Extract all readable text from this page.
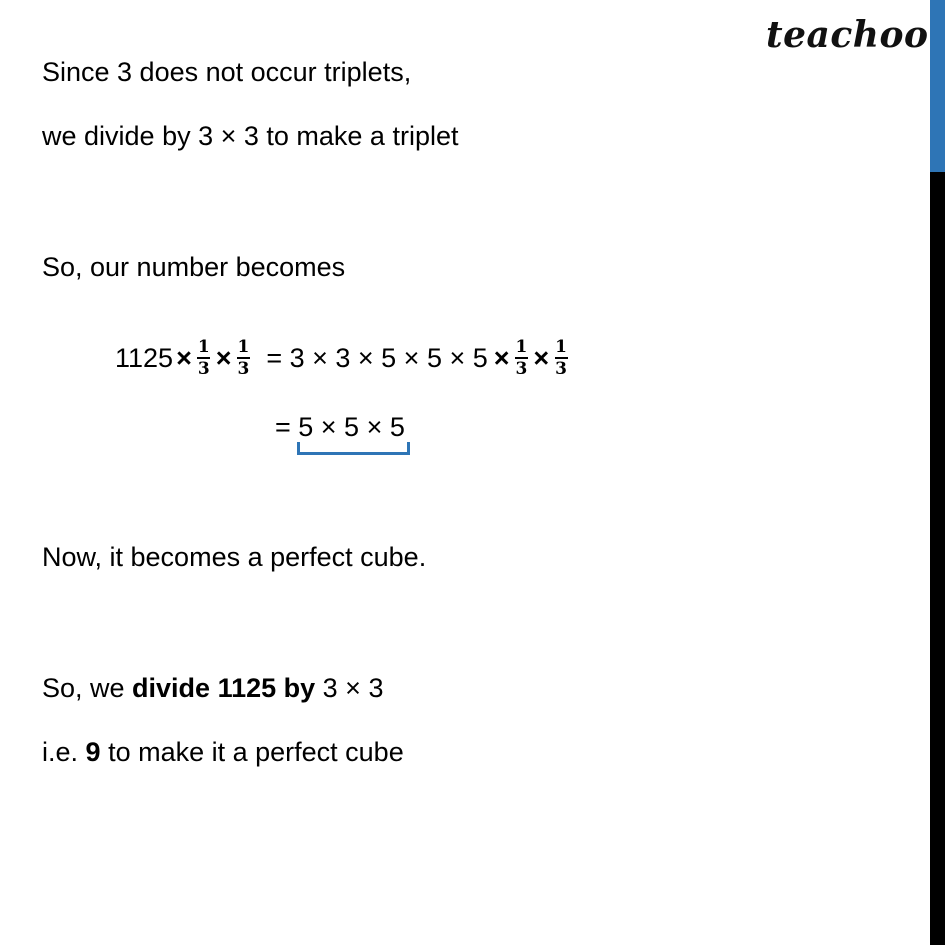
teachoo
Since 3 does not occur triplets,
we divide by 3 × 3 to make a triplet
So, our number becomes
$1125 \times \frac{1}{3} \times \frac{1}{3} = 3 \times 3 \times 5 \times 5 \times 5 \times \frac{1}{3} \times \frac{1}{3}$
= 5 × 5 × 5
Now, it becomes a perfect cube.
So, we divide 1125 by 3 × 3
i.e. 9 to make it a perfect cube
